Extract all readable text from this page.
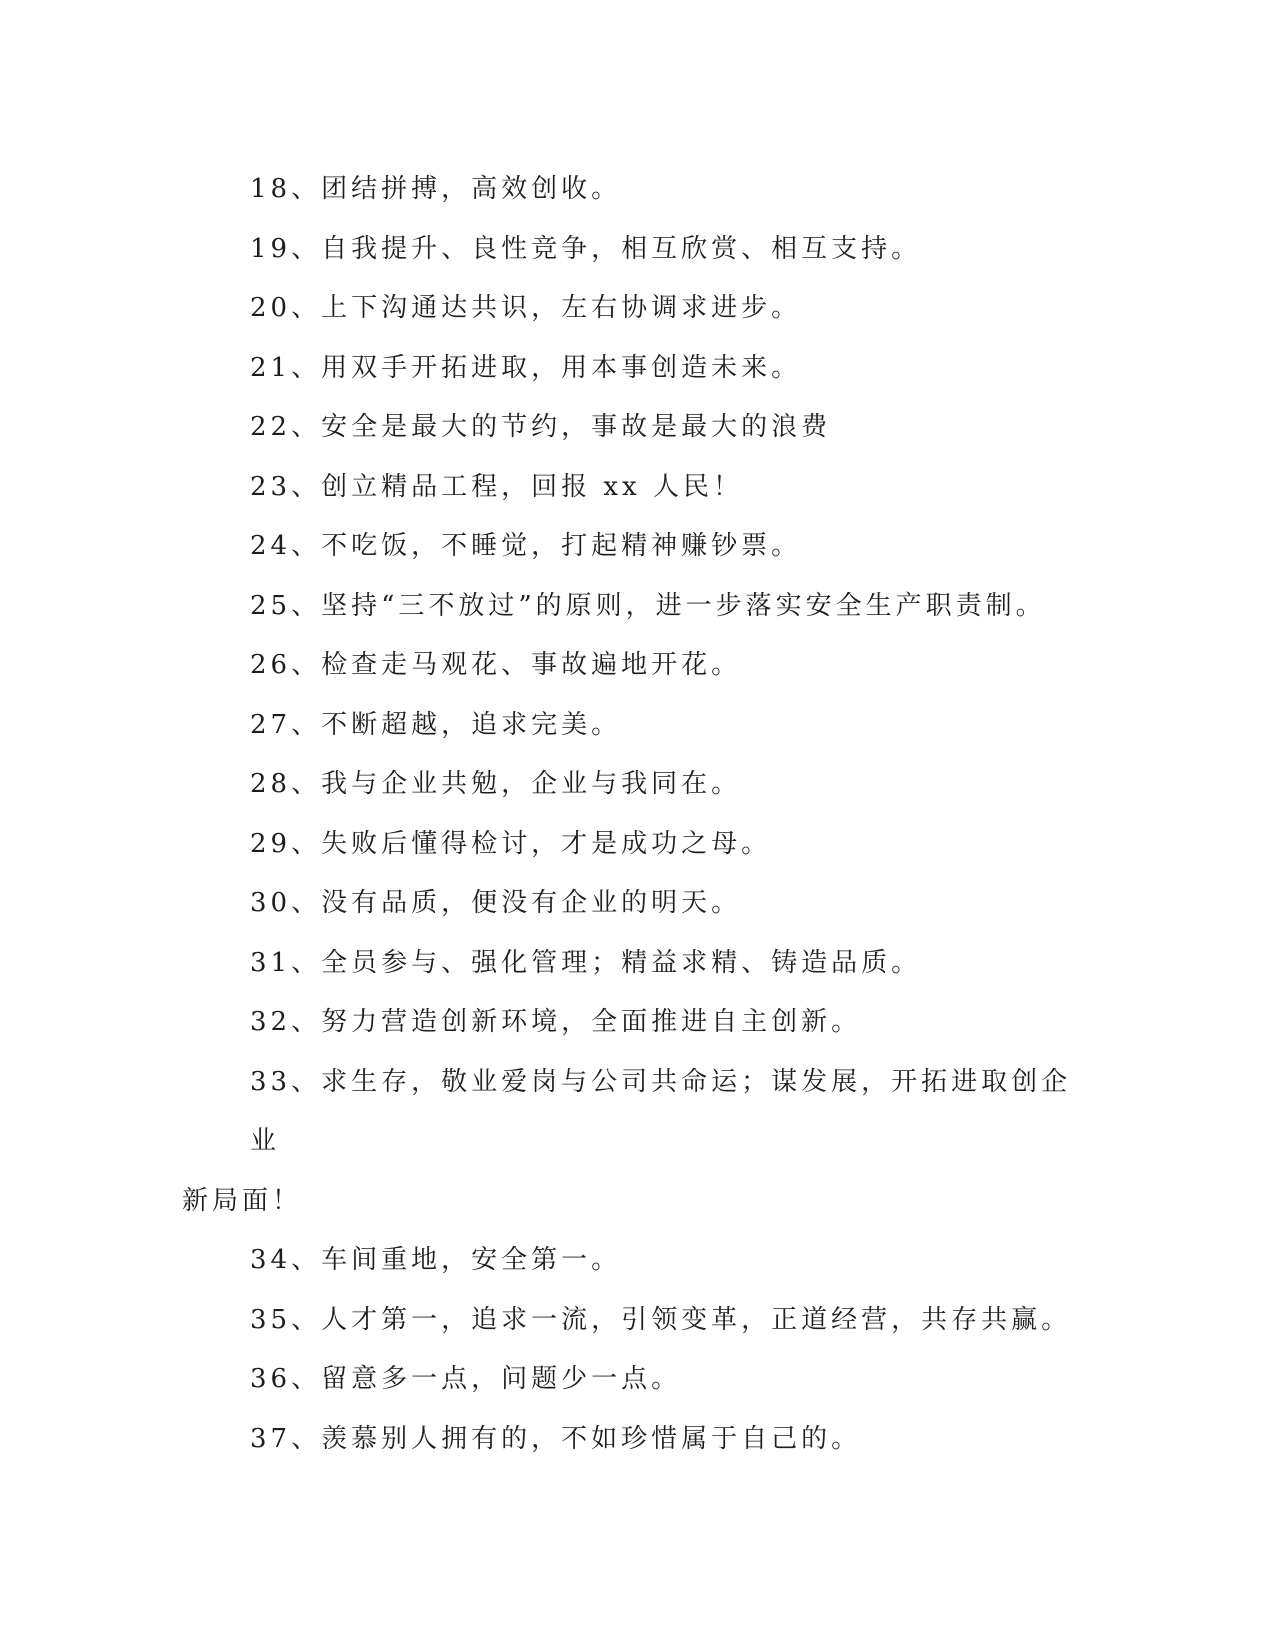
18、团结拼搏，高效创收。

19、自我提升、良性竞争，相互欣赏、相互支持。

20、上下沟通达共识，左右协调求进步。

21、用双手开拓进取，用本事创造未来。

22、安全是最大的节约，事故是最大的浪费

23、创立精品工程，回报 xx 人民！

24、不吃饭，不睡觉，打起精神赚钞票。

25、坚持“三不放过”的原则，进一步落实安全生产职责制。

26、检查走马观花、事故遍地开花。

27、不断超越，追求完美。

28、我与企业共勉，企业与我同在。

29、失败后懂得检讨，才是成功之母。

30、没有品质，便没有企业的明天。

31、全员参与、强化管理；精益求精、铸造品质。

32、努力营造创新环境，全面推进自主创新。

33、求生存，敬业爱岗与公司共命运；谋发展，开拓进取创企业
新局面！

34、车间重地，安全第一。

35、人才第一，追求一流，引领变革，正道经营，共存共赢。

36、留意多一点，问题少一点。

37、羡慕别人拥有的，不如珍惜属于自己的。
